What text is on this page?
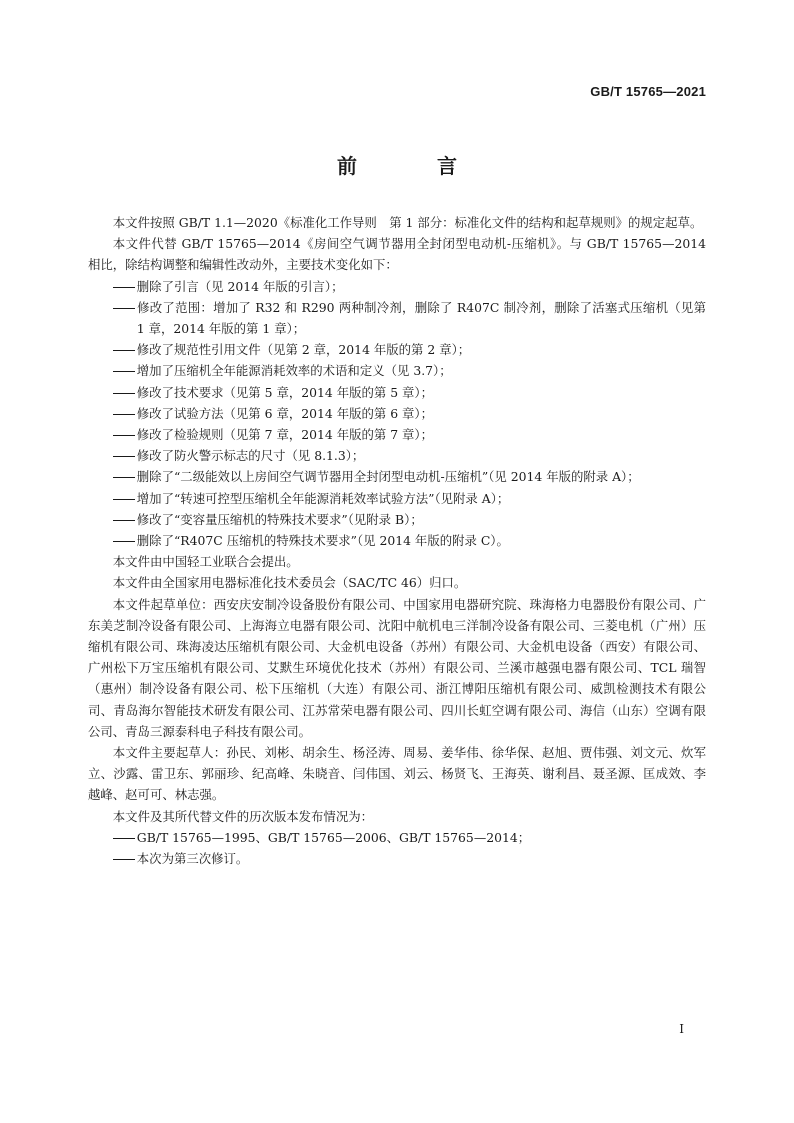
GB/T 15765—2021
前　言

本文件按照 GB/T 1.1—2020《标准化工作导则　第 1 部分：标准化文件的结构和起草规则》的规定起草。

本文件代替 GB/T 15765—2014《房间空气调节器用全封闭型电动机-压缩机》。与 GB/T 15765—2014 相比，除结构调整和编辑性改动外，主要技术变化如下：

删除了引言（见 2014 年版的引言）；

修改了范围：增加了 R32 和 R290 两种制冷剂，删除了 R407C 制冷剂，删除了活塞式压缩机（见第 1 章，2014 年版的第 1 章）；

修改了规范性引用文件（见第 2 章，2014 年版的第 2 章）；

增加了压缩机全年能源消耗效率的术语和定义（见 3.7）；

修改了技术要求（见第 5 章，2014 年版的第 5 章）；

修改了试验方法（见第 6 章，2014 年版的第 6 章）；

修改了检验规则（见第 7 章，2014 年版的第 7 章）；

修改了防火警示标志的尺寸（见 8.1.3）；

删除了“二级能效以上房间空气调节器用全封闭型电动机-压缩机”（见 2014 年版的附录 A）；

增加了“转速可控型压缩机全年能源消耗效率试验方法”（见附录 A）；

修改了“变容量压缩机的特殊技术要求”（见附录 B）；

删除了“R407C 压缩机的特殊技术要求”（见 2014 年版的附录 C）。

本文件由中国轻工业联合会提出。

本文件由全国家用电器标准化技术委员会（SAC/TC 46）归口。

本文件起草单位：西安庆安制冷设备股份有限公司、中国家用电器研究院、珠海格力电器股份有限公司、广东美芝制冷设备有限公司、上海海立电器有限公司、沈阳中航机电三洋制冷设备有限公司、三菱电机（广州）压缩机有限公司、珠海凌达压缩机有限公司、大金机电设备（苏州）有限公司、大金机电设备（西安）有限公司、广州松下万宝压缩机有限公司、艾默生环境优化技术（苏州）有限公司、兰溪市越强电器有限公司、TCL 瑞智（惠州）制冷设备有限公司、松下压缩机（大连）有限公司、浙江博阳压缩机有限公司、威凯检测技术有限公司、青岛海尔智能技术研发有限公司、江苏常荣电器有限公司、四川长虹空调有限公司、海信（山东）空调有限公司、青岛三源泰科电子科技有限公司。

本文件主要起草人：孙民、刘彬、胡余生、杨泾涛、周易、姜华伟、徐华保、赵旭、贾伟强、刘文元、炊军立、沙露、雷卫东、郭丽珍、纪高峰、朱晓音、闫伟国、刘云、杨贤飞、王海英、谢利昌、聂圣源、匡成效、李越峰、赵可可、林志强。

本文件及其所代替文件的历次版本发布情况为：

GB/T 15765—1995、GB/T 15765—2006、GB/T 15765—2014；

本次为第三次修订。

I
